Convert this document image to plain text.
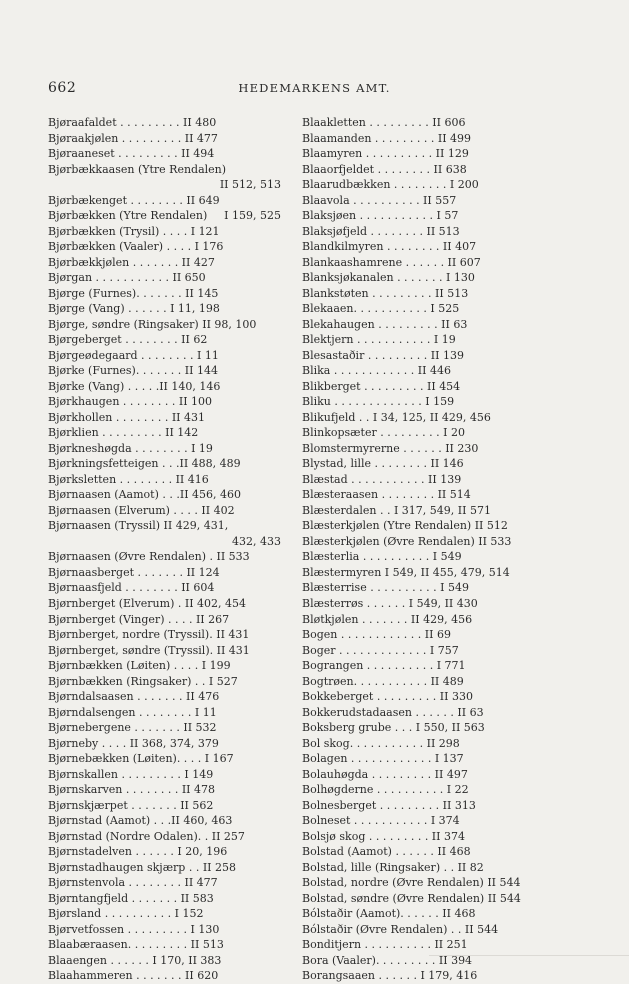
662	HEDEMARKENS AMT.
Bjøraafaldet . . . . . . . . . II 480
Bjøraakjølen . . . . . . . . . II 477
Bjøraaneset . . . . . . . . . II 494
Bjørbækkaasen (Ytre Rendalen)
II 512, 513
Bjørbækenget . . . . . . . . II 649
Bjørbækken (Ytre Rendalen) I 159, 525
Bjørbækken (Trysil) . . . . I 121
Bjørbækken (Vaaler) . . . . I 176
Bjørbækkjølen . . . . . . . II 427
Bjørgan . . . . . . . . . . . II 650
Bjørge (Furnes). . . . . . . II 145
Bjørge (Vang) . . . . . . I 11, 198
Bjørge, søndre (Ringsaker) II 98, 100
Bjørgeberget . . . . . . . . II 62
Bjørgeødegaard . . . . . . . . I 11
Bjørke (Furnes). . . . . . . II 144
Bjørke (Vang) . . . . .II 140, 146
Bjørkhaugen . . . . . . . . II 100
Bjørkhollen . . . . . . . . II 431
Bjørklien . . . . . . . . . II 142
Bjørkneshøgda . . . . . . . . I 19
Bjørkningsfetteigen . . .II 488, 489
Bjørksletten . . . . . . . . II 416
Bjørnaasen (Aamot) . . .II 456, 460
Bjørnaasen (Elverum) . . . . II 402
Bjørnaasen (Tryssil) II 429, 431,
432, 433
Bjørnaasen (Øvre Rendalen) . II 533
Bjørnaasberget . . . . . . . II 124
Bjørnaasfjeld . . . . . . . . II 604
Bjørnberget (Elverum) . II 402, 454
Bjørnberget (Vinger) . . . . II 267
Bjørnberget, nordre (Tryssil). II 431
Bjørnberget, søndre (Tryssil). II 431
Bjørnbækken (Løiten) . . . . I 199
Bjørnbækken (Ringsaker) . . I 527
Bjørndalsaasen . . . . . . . II 476
Bjørndalsengen . . . . . . . . I 11
Bjørnebergene . . . . . . . II 532
Bjørneby . . . . II 368, 374, 379
Bjørnebækken (Løiten). . . . I 167
Bjørnskallen . . . . . . . . . I 149
Bjørnskarven . . . . . . . . II 478
Bjørnskjærpet . . . . . . . II 562
Bjørnstad (Aamot) . . .II 460, 463
Bjørnstad (Nordre Odalen). . II 257
Bjørnstadelven . . . . . . I 20, 196
Bjørnstadhaugen skjærp . . II 258
Bjørnstenvola . . . . . . . . II 477
Bjørntangfjeld . . . . . . . II 583
Bjørsland . . . . . . . . . . I 152
Bjørvetfossen . . . . . . . . . I 130
Blaabæraasen. . . . . . . . . II 513
Blaaengen . . . . . . I 170, II 383
Blaahammeren . . . . . . . II 620
Blaakletten . . . . . . . . . II 606
Blaamanden . . . . . . . . . II 499
Blaamyren . . . . . . . . . . II 129
Blaaorfjeldet . . . . . . . . II 638
Blaarudbækken . . . . . . . . I 200
Blaavola . . . . . . . . . . II 557
Blaksjøen . . . . . . . . . . . I 57
Blaksjøfjeld . . . . . . . . II 513
Blandkilmyren . . . . . . . . II 407
Blankaashamrene . . . . . . II 607
Blanksjøkanalen . . . . . . . I 130
Blankstøten . . . . . . . . . II 513
Blekaaen. . . . . . . . . . . I 525
Blekahaugen . . . . . . . . . II 63
Blektjern . . . . . . . . . . . I 19
Blesastaðir . . . . . . . . . II 139
Blika . . . . . . . . . . . . II 446
Blikberget . . . . . . . . . II 454
Bliku . . . . . . . . . . . . . I 159
Blikufjeld . . I 34, 125, II 429, 456
Blinkopsæter . . . . . . . . . I 20
Blomstermyrerne . . . . . . II 230
Blystad, lille . . . . . . . . II 146
Blæstad . . . . . . . . . . . II 139
Blæsteraasen . . . . . . . . II 514
Blæsterdalen . . I 317, 549, II 571
Blæsterkjølen (Ytre Rendalen) II 512
Blæsterkjølen (Øvre Rendalen) II 533
Blæsterlia . . . . . . . . . . I 549
Blæstermyren I 549, II 455, 479, 514
Blæsterrise . . . . . . . . . . I 549
Blæsterrøs . . . . . . I 549, II 430
Bløtkjølen . . . . . . . II 429, 456
Bogen . . . . . . . . . . . . II 69
Boger . . . . . . . . . . . . . I 757
Bograngen . . . . . . . . . . I 771
Bogtrøen. . . . . . . . . . . II 489
Bokkeberget . . . . . . . . . II 330
Bokkerudstadaasen . . . . . . II 63
Boksberg grube . . . I 550, II 563
Bol skog. . . . . . . . . . . II 298
Bolagen . . . . . . . . . . . . I 137
Bolauhøgda . . . . . . . . . II 497
Bolhøgderne . . . . . . . . . . I 22
Bolnesberget . . . . . . . . . II 313
Bolneset . . . . . . . . . . . I 374
Bolsjø skog . . . . . . . . . II 374
Bolstad (Aamot) . . . . . . II 468
Bolstad, lille (Ringsaker) . . II 82
Bolstad, nordre (Øvre Rendalen) II 544
Bolstad, søndre (Øvre Rendalen) II 544
Bólstaðir (Aamot). . . . . . II 468
Bólstaðir (Øvre Rendalen) . . II 544
Bonditjern . . . . . . . . . . II 251
Bora (Vaaler). . . . . . . . . II 394
Borangsaaen . . . . . . I 179, 416
